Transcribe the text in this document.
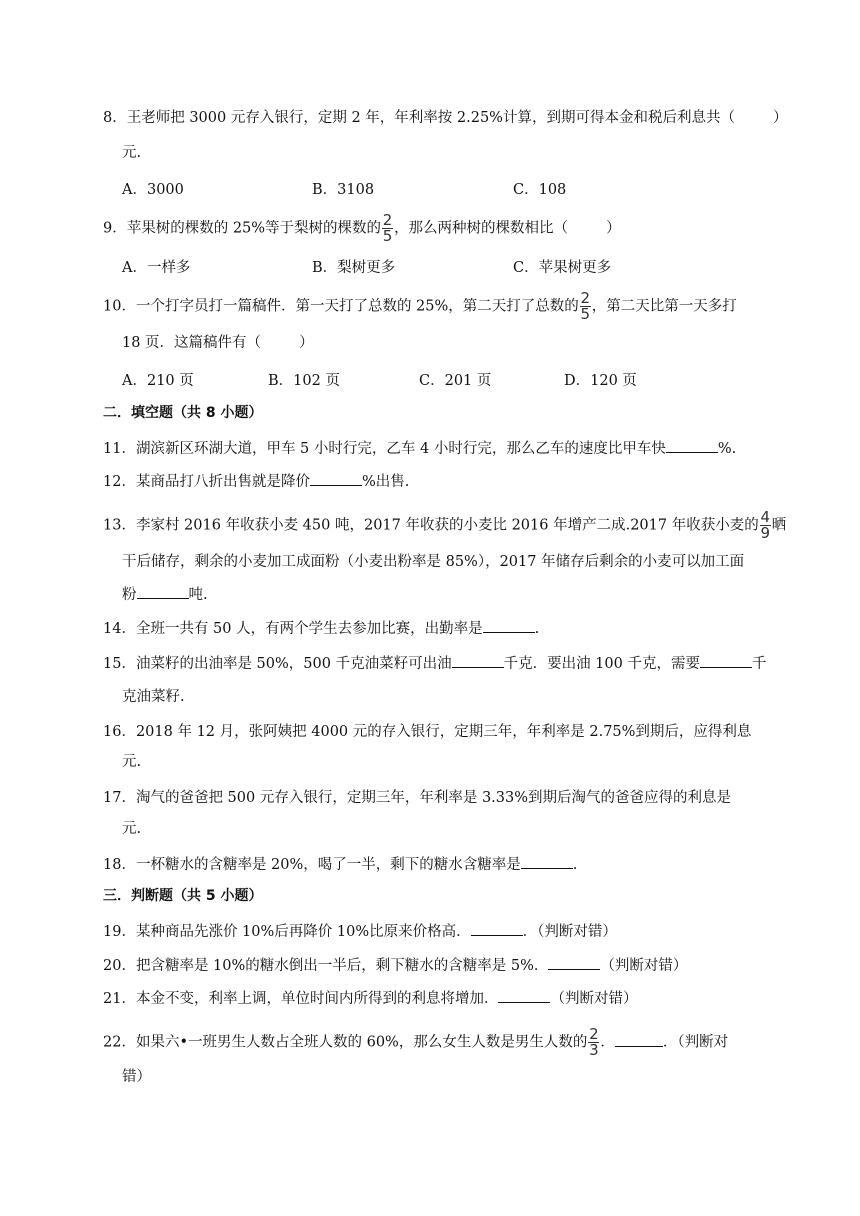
8．王老师把 3000 元存入银行，定期 2 年，年利率按 2.25%计算，到期可得本金和税后利息共（	）
元.
A．3000	B．3108	C．108
9．苹果树的棵数的 25%等于梨树的棵数的 $\frac{2}{5}$ ，那么两种树的棵数相比（	）
A．一样多	B．梨树更多	C．苹果树更多
10．一个打字员打一篇稿件．第一天打了总数的 25%，第二天打了总数的 $\frac{2}{5}$ ，第二天比第一天多打
18 页．这篇稿件有（	）
A．210 页	B．102 页	C．201 页	D．120 页
二．填空题（共 8 小题）
11．湖滨新区环湖大道，甲车 5 小时行完，乙车 4 小时行完，那么乙车的速度比甲车快	%.
12．某商品打八折出售就是降价	%出售.
13．李家村 2016 年收获小麦 450 吨，2017 年收获的小麦比 2016 年增产二成.2017 年收获小麦的 $\frac{4}{9}$ 晒
干后储存，剩余的小麦加工成面粉（小麦出粉率是 85%），2017 年储存后剩余的小麦可以加工面
粉	吨.
14．全班一共有 50 人，有两个学生去参加比赛，出勤率是	.
15．油菜籽的出油率是 50%，500 千克油菜籽可出油	千克．要出油 100 千克，需要	千
克油菜籽.
16．2018 年 12 月，张阿姨把 4000 元的存入银行，定期三年，年利率是 2.75%到期后，应得利息
元.
17．淘气的爸爸把 500 元存入银行，定期三年，年利率是 3.33%到期后淘气的爸爸应得的利息是
元.
18．一杯糖水的含糖率是 20%，喝了一半，剩下的糖水含糖率是	.
三．判断题（共 5 小题）
19．某种商品先涨价 10%后再降价 10%比原来价格高．	．（判断对错）
20．把含糖率是 10%的糖水倒出一半后，剩下糖水的含糖率是 5%．	（判断对错）
21．本金不变，利率上调，单位时间内所得到的利息将增加．	（判断对错）
22．如果六•一班男生人数占全班人数的 60%，那么女生人数是男生人数的 $\frac{2}{3}$ ．	．（判断对
错）
